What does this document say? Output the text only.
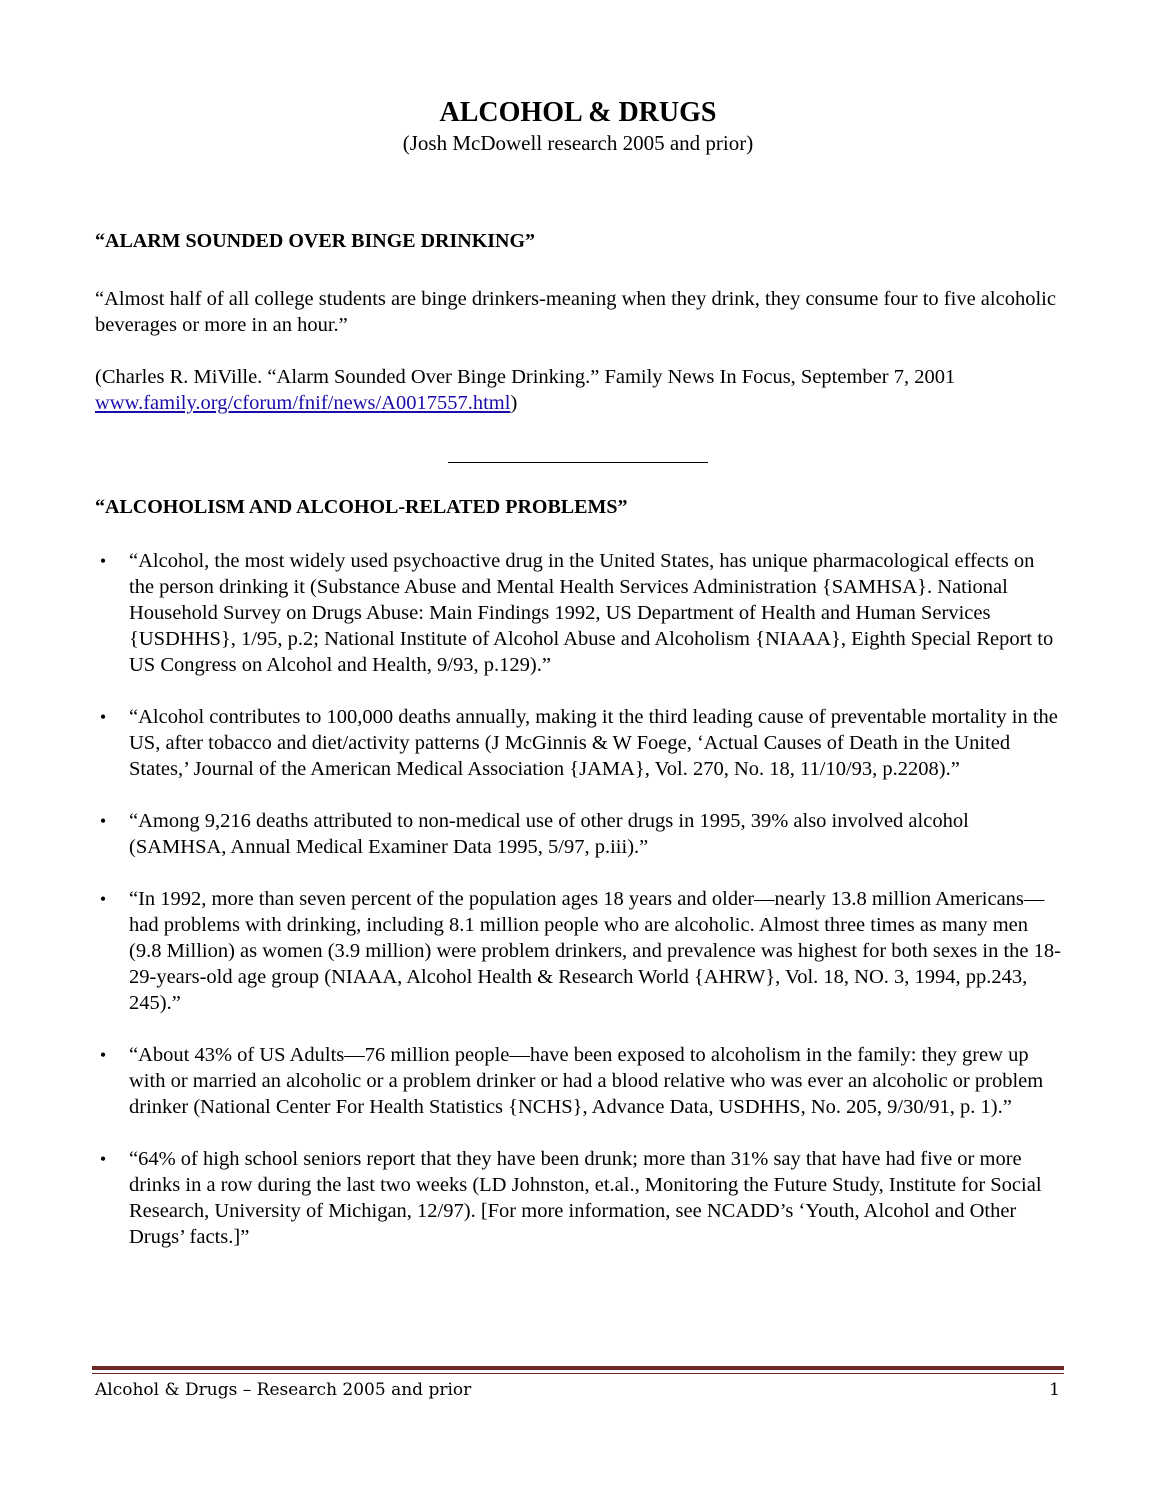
ALCOHOL & DRUGS
(Josh McDowell research 2005 and prior)
“ALARM SOUNDED OVER BINGE DRINKING”
“Almost half of all college students are binge drinkers-meaning when they drink, they consume four to five alcoholic beverages or more in an hour.”
(Charles R. MiVille. “Alarm Sounded Over Binge Drinking.” Family News In Focus, September 7, 2001 www.family.org/cforum/fnif/news/A0017557.html)
“ALCOHOLISM AND ALCOHOL-RELATED PROBLEMS”
• “Alcohol, the most widely used psychoactive drug in the United States, has unique pharmacological effects on the person drinking it (Substance Abuse and Mental Health Services Administration {SAMHSA}. National Household Survey on Drugs Abuse: Main Findings 1992, US Department of Health and Human Services {USDHHS}, 1/95, p.2; National Institute of Alcohol Abuse and Alcoholism {NIAAA}, Eighth Special Report to US Congress on Alcohol and Health, 9/93, p.129).”
• “Alcohol contributes to 100,000 deaths annually, making it the third leading cause of preventable mortality in the US, after tobacco and diet/activity patterns (J McGinnis & W Foege, ‘Actual Causes of Death in the United States,’ Journal of the American Medical Association {JAMA}, Vol. 270, No. 18, 11/10/93, p.2208).”
• “Among 9,216 deaths attributed to non-medical use of other drugs in 1995, 39% also involved alcohol (SAMHSA, Annual Medical Examiner Data 1995, 5/97, p.iii).”
• “In 1992, more than seven percent of the population ages 18 years and older—nearly 13.8 million Americans—had problems with drinking, including 8.1 million people who are alcoholic. Almost three times as many men (9.8 Million) as women (3.9 million) were problem drinkers, and prevalence was highest for both sexes in the 18-29-years-old age group (NIAAA, Alcohol Health & Research World {AHRW}, Vol. 18, NO. 3, 1994, pp.243, 245).”
• “About 43% of US Adults—76 million people—have been exposed to alcoholism in the family: they grew up with or married an alcoholic or a problem drinker or had a blood relative who was ever an alcoholic or problem drinker (National Center For Health Statistics {NCHS}, Advance Data, USDHHS, No. 205, 9/30/91, p. 1).”
• “64% of high school seniors report that they have been drunk; more than 31% say that have had five or more drinks in a row during the last two weeks (LD Johnston, et.al., Monitoring the Future Study, Institute for Social Research, University of Michigan, 12/97). [For more information, see NCADD’s ‘Youth, Alcohol and Other Drugs’ facts.]”
Alcohol & Drugs – Research 2005 and prior	1
